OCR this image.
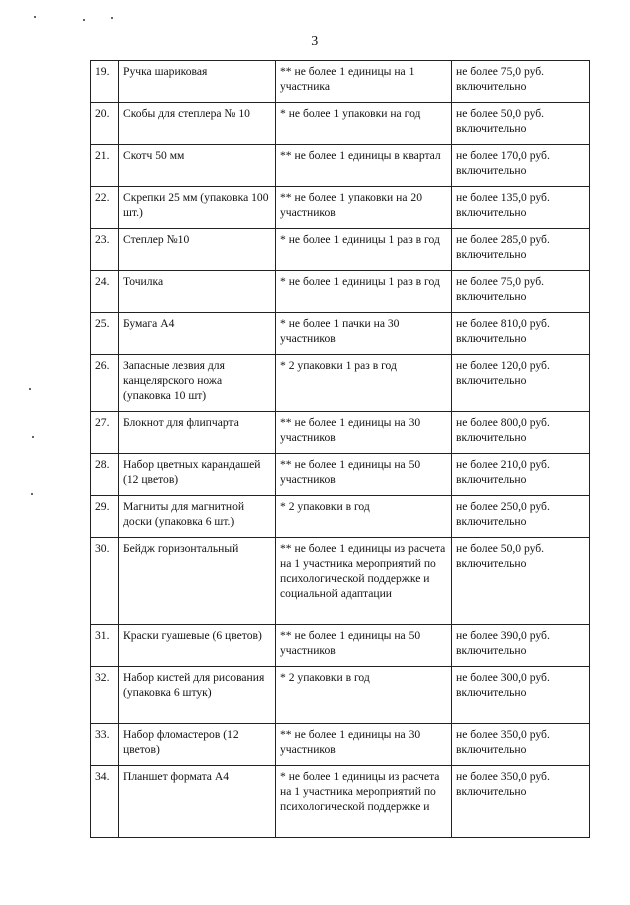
3
19.	Ручка шариковая	** не более 1 единицы на 1 участника	не более 75,0 руб. включительно
20.	Скобы для степлера № 10	* не более 1 упаковки на год	не более 50,0 руб. включительно
21.	Скотч 50 мм	** не более 1 единицы в квартал	не более 170,0 руб. включительно
22.	Скрепки 25 мм (упаковка 100 шт.)	** не более 1 упаковки на 20 участников	не более 135,0 руб. включительно
23.	Степлер №10	* не более 1 единицы 1 раз в год	не более 285,0 руб. включительно
24.	Точилка	* не более 1 единицы 1 раз в год	не более 75,0 руб. включительно
25.	Бумага А4	* не более 1 пачки на 30 участников	не более 810,0 руб. включительно
26.	Запасные лезвия для канцелярского ножа (упаковка 10 шт)	* 2 упаковки 1 раз в год	не более 120,0 руб. включительно
27.	Блокнот для флипчарта	** не более 1 единицы на 30 участников	не более 800,0 руб. включительно
28.	Набор цветных карандашей (12 цветов)	** не более 1 единицы на 50 участников	не более 210,0 руб. включительно
29.	Магниты для магнитной доски (упаковка 6 шт.)	* 2 упаковки в год	не более 250,0 руб. включительно
30.	Бейдж горизонтальный	** не более 1 единицы из расчета на 1 участника мероприятий по психологической поддержке и социальной адаптации	не более 50,0 руб. включительно
31.	Краски гуашевые (6 цветов)	** не более 1 единицы на 50 участников	не более 390,0 руб. включительно
32.	Набор кистей для рисования (упаковка 6 штук)	* 2 упаковки в год	не более 300,0 руб. включительно
33.	Набор фломастеров (12 цветов)	** не более 1 единицы на 30 участников	не более 350,0 руб. включительно
34.	Планшет формата А4	* не более 1 единицы из расчета на 1 участника мероприятий по психологической поддержке и	не более 350,0 руб. включительно
